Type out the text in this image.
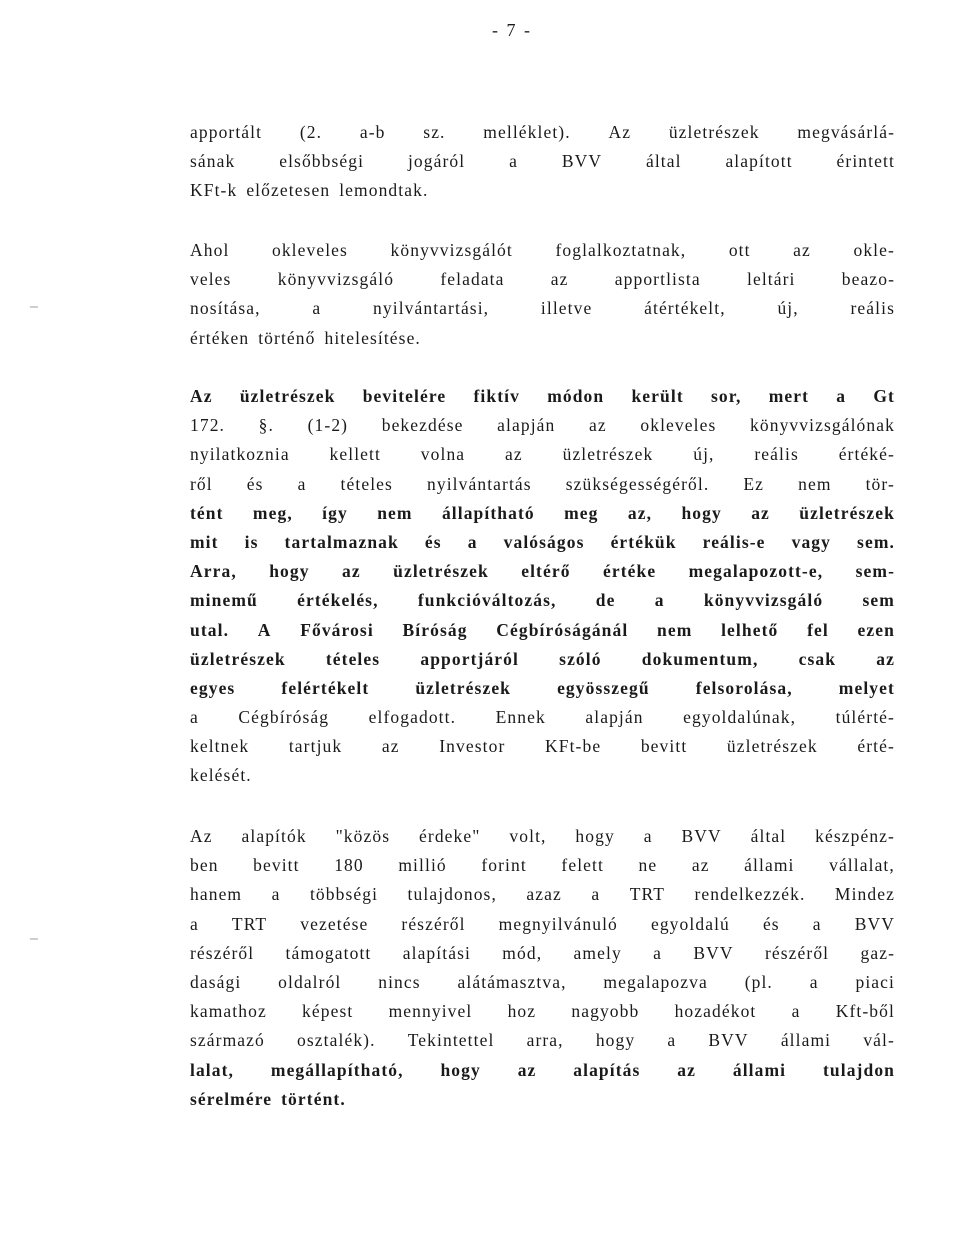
- 7 -
apportált (2. a-b sz. melléklet). Az üzletrészek megvásárlá-
sának	elsőbbségi	jogáról	a	BVV	által	alapított	érintett
KFt-k előzetesen lemondtak.
Ahol okleveles könyvvizsgálót foglalkoztatnak, ott az okle-
veles	könyvvizsgáló	feladata	az	apportlista	leltári	beazo-
nosítása,	a	nyilvántartási,	illetve	átértékelt,	új,	reális
értéken történő hitelesítése.
Az üzletrészek bevitelére fiktív módon került sor, mert a Gt
172. §. (1-2) bekezdése alapján az okleveles könyvvizsgálónak
nyilatkoznia kellett volna az üzletrészek új, reális értéké-
ről és a tételes nyilvántartás szükségességéről. Ez nem tör-
tént meg, így nem állapítható meg az, hogy az üzletrészek
mit is tartalmaznak és a valóságos értékük reális-e vagy sem.
Arra, hogy az üzletrészek eltérő értéke megalapozott-e, sem-
minemű értékelés, funkcióváltozás, de a könyvvizsgáló sem
utal. A Fővárosi Bíróság Cégbíróságánál nem lelhető fel ezen
üzletrészek tételes apportjáról szóló dokumentum, csak az
egyes	felértékelt	üzletrészek	egyösszegű	felsorolása,	melyet
a Cégbíróság elfogadott. Ennek alapján egyoldalúnak, túlérté-
keltnek tartjuk az Investor KFt-be bevitt üzletrészek érté-
kelését.
Az alapítók "közös érdeke" volt, hogy a BVV által készpénz-
ben bevitt 180 millió forint felett ne az állami vállalat,
hanem a többségi tulajdonos, azaz a TRT rendelkezzék. Mindez
a TRT vezetése részéről megnyilvánuló egyoldalú és a BVV
részéről támogatott alapítási mód, amely a BVV részéről gaz-
dasági oldalról nincs alátámasztva, megalapozva (pl. a piaci
kamathoz képest mennyivel hoz nagyobb hozadékot a Kft-ből
származó osztalék). Tekintettel arra, hogy a BVV állami vál-
lalat, megállapítható, hogy az alapítás az állami tulajdon
sérelmére történt.
